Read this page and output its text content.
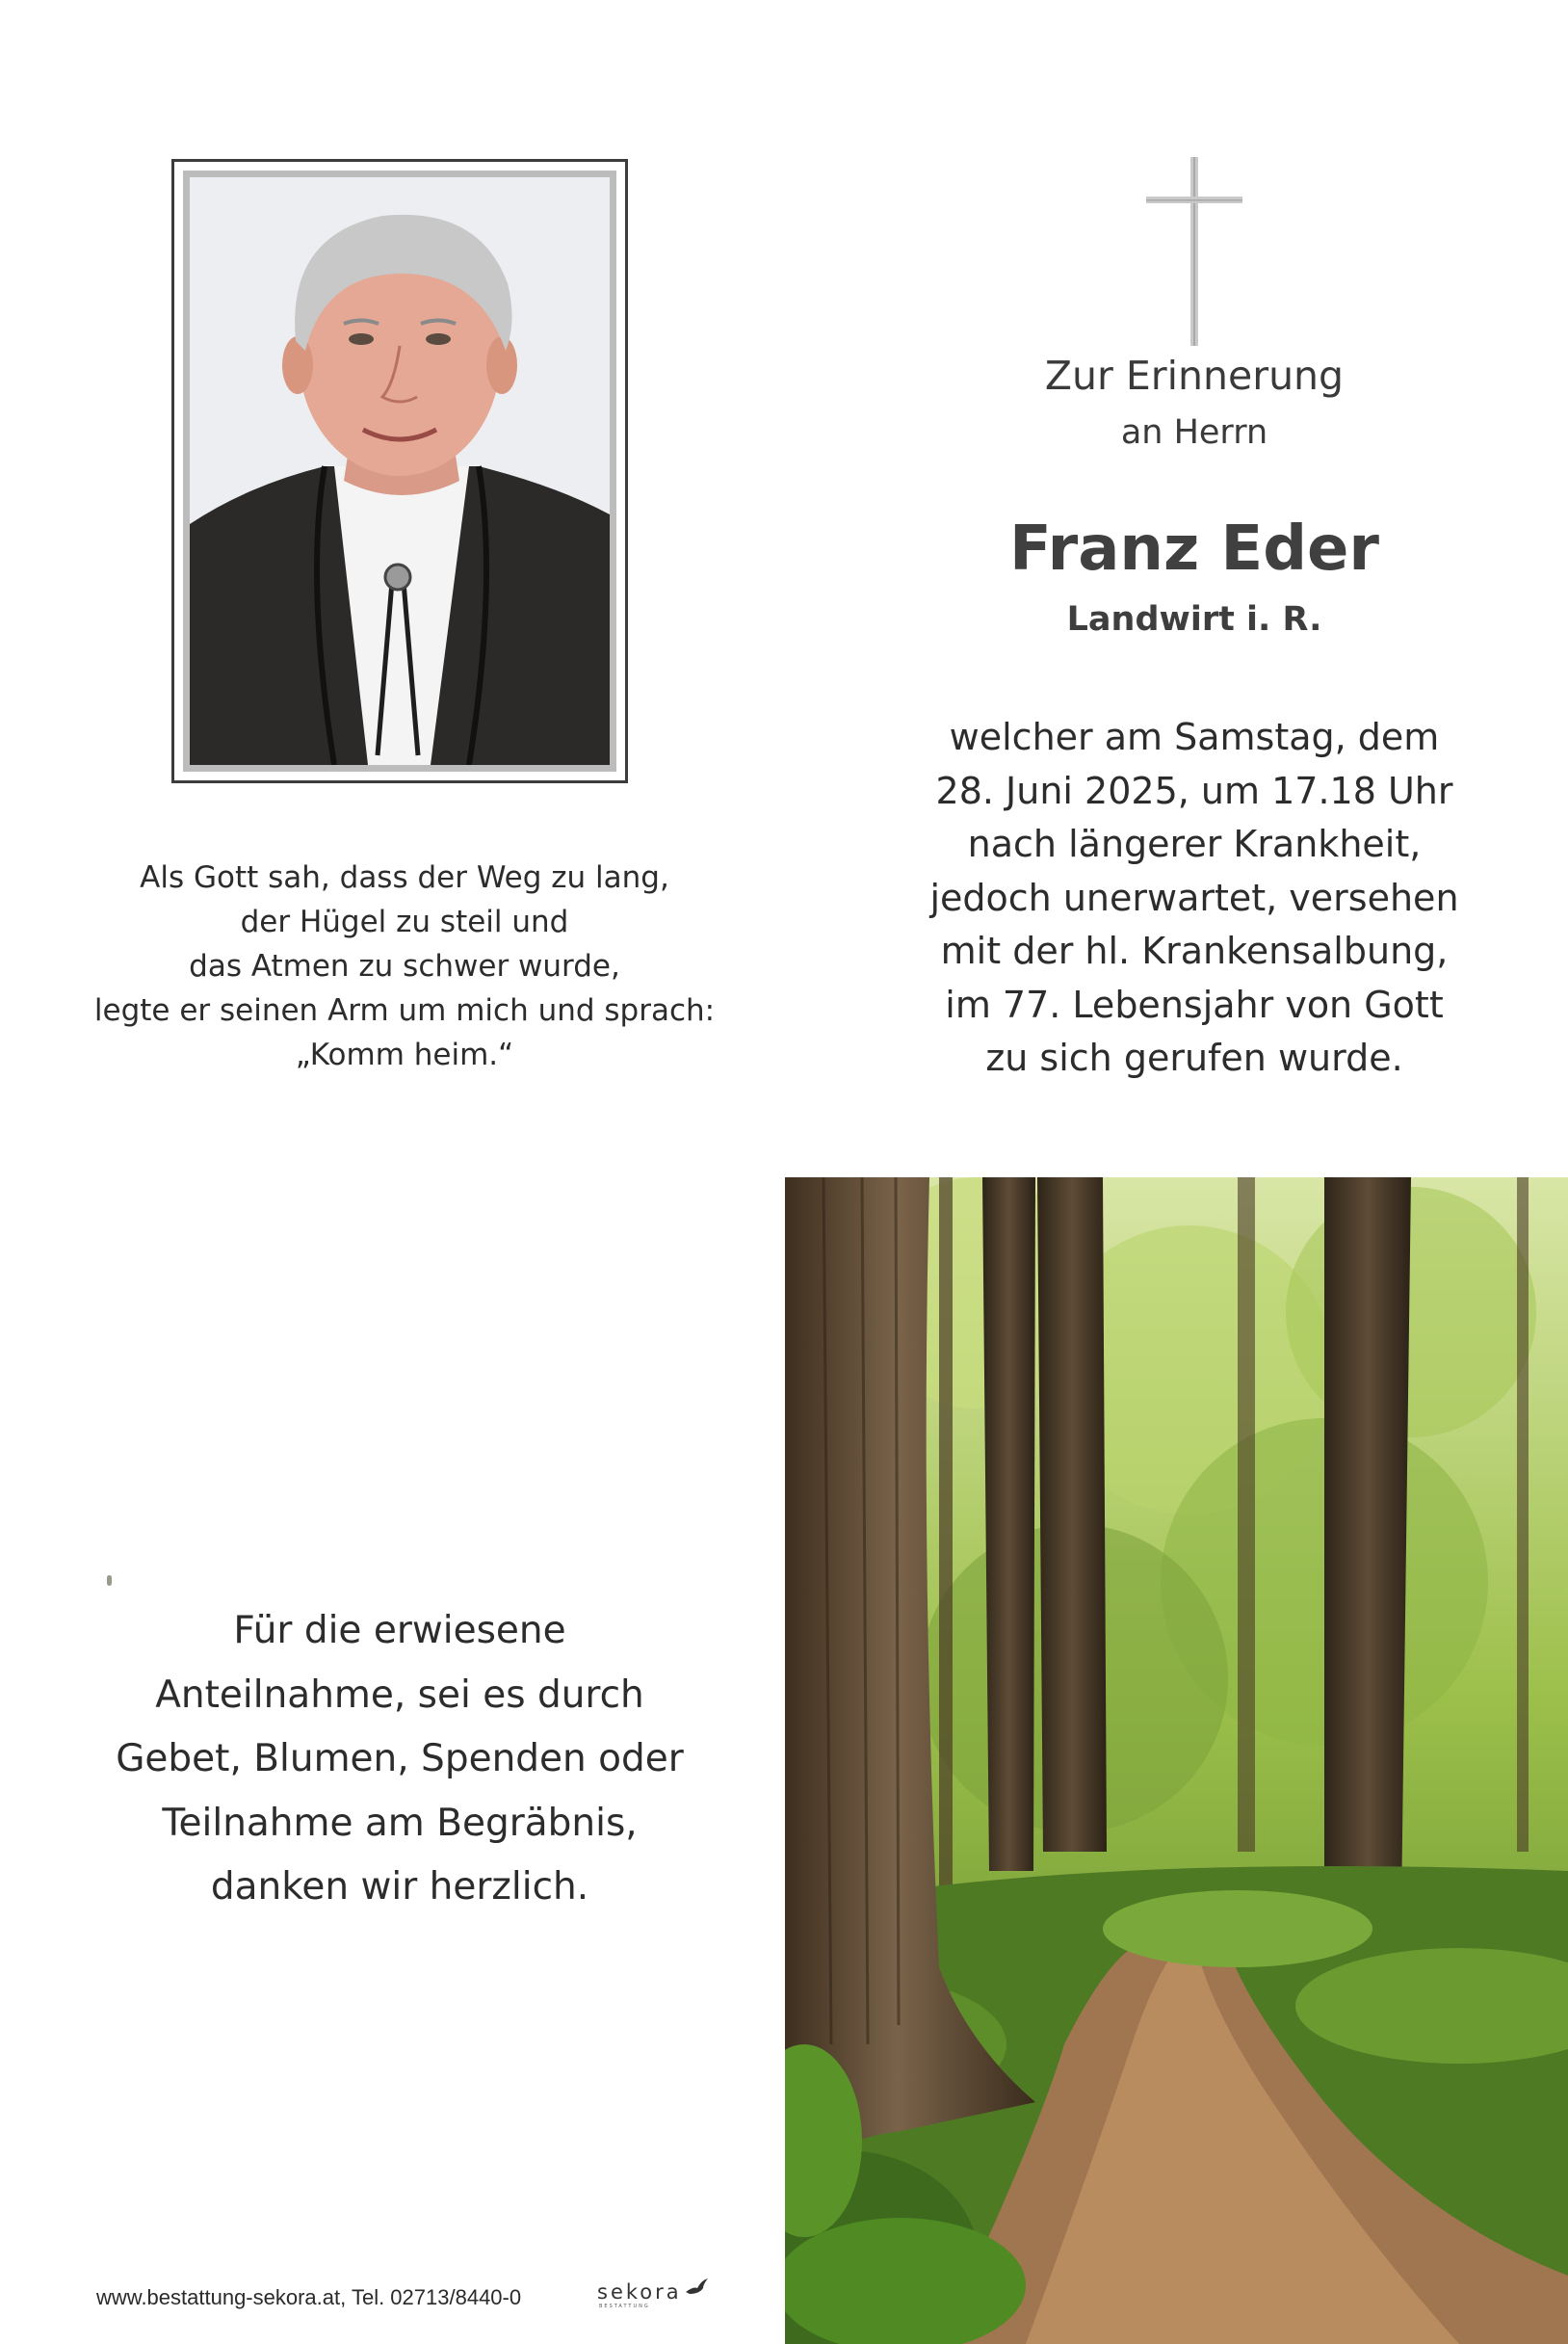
Als Gott sah, dass der Weg zu lang,
der Hügel zu steil und
das Atmen zu schwer wurde,
legte er seinen Arm um mich und sprach:
„Komm heim.“
Zur Erinnerung
an Herrn
Franz Eder
Landwirt i. R.
welcher am Samstag, dem
28. Juni 2025, um 17.18 Uhr
nach längerer Krankheit,
jedoch unerwartet, versehen
mit der hl. Krankensalbung,
im 77. Lebensjahr von Gott
zu sich gerufen wurde.
Für die erwiesene
Anteilnahme, sei es durch
Gebet, Blumen, Spenden oder
Teilnahme am Begräbnis,
danken wir herzlich.
www.bestattung-sekora.at, Tel. 02713/8440-0	sekora
BESTATTUNG
